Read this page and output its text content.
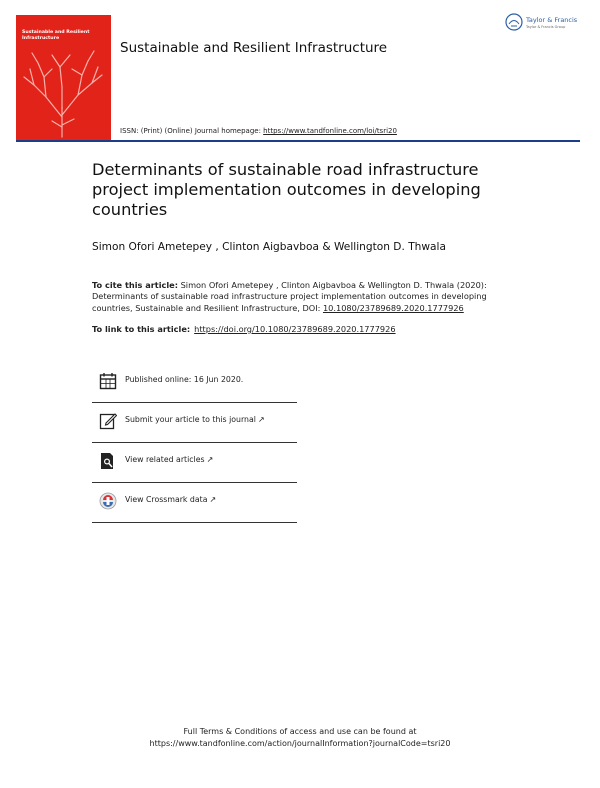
Sustainable and Resilient Infrastructure
Sustainable and Resilient Infrastructure
ISSN: (Print) (Online) Journal homepage: https://www.tandfonline.com/loi/tsri20
Taylor & Francis
Taylor & Francis Group
Determinants of sustainable road infrastructure project implementation outcomes in developing countries
Simon Ofori Ametepey , Clinton Aigbavboa & Wellington D. Thwala
To cite this article: Simon Ofori Ametepey , Clinton Aigbavboa & Wellington D. Thwala (2020): Determinants of sustainable road infrastructure project implementation outcomes in developing countries, Sustainable and Resilient Infrastructure, DOI: 10.1080/23789689.2020.1777926
To link to this article: https://doi.org/10.1080/23789689.2020.1777926
Published online: 16 Jun 2020.
Submit your article to this journal ↗
View related articles ↗
View Crossmark data ↗
Full Terms & Conditions of access and use can be found at
https://www.tandfonline.com/action/journalInformation?journalCode=tsri20
